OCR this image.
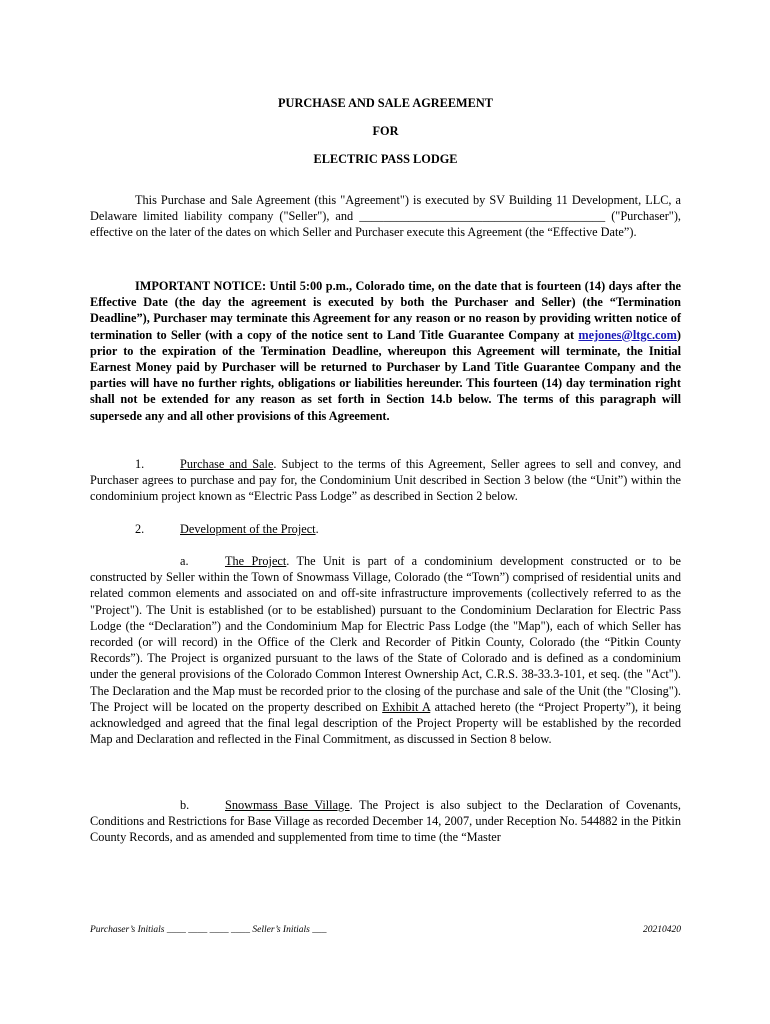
PURCHASE AND SALE AGREEMENT
FOR
ELECTRIC PASS LODGE

This Purchase and Sale Agreement (this "Agreement") is executed by SV Building 11 Development, LLC, a Delaware limited liability company ("Seller"), and ________________________________________ ("Purchaser"), effective on the later of the dates on which Seller and Purchaser execute this Agreement (the “Effective Date”).

IMPORTANT NOTICE: Until 5:00 p.m., Colorado time, on the date that is fourteen (14) days after the Effective Date (the day the agreement is executed by both the Purchaser and Seller) (the “Termination Deadline”), Purchaser may terminate this Agreement for any reason or no reason by providing written notice of termination to Seller (with a copy of the notice sent to Land Title Guarantee Company at mejones@ltgc.com) prior to the expiration of the Termination Deadline, whereupon this Agreement will terminate, the Initial Earnest Money paid by Purchaser will be returned to Purchaser by Land Title Guarantee Company and the parties will have no further rights, obligations or liabilities hereunder. This fourteen (14) day termination right shall not be extended for any reason as set forth in Section 14.b below. The terms of this paragraph will supersede any and all other provisions of this Agreement.

1.	Purchase and Sale. Subject to the terms of this Agreement, Seller agrees to sell and convey, and Purchaser agrees to purchase and pay for, the Condominium Unit described in Section 3 below (the “Unit”) within the condominium project known as “Electric Pass Lodge” as described in Section 2 below.

2.	Development of the Project.

a.	The Project. The Unit is part of a condominium development constructed or to be constructed by Seller within the Town of Snowmass Village, Colorado (the “Town”) comprised of residential units and related common elements and associated on and off-site infrastructure improvements (collectively referred to as the "Project"). The Unit is established (or to be established) pursuant to the Condominium Declaration for Electric Pass Lodge (the “Declaration”) and the Condominium Map for Electric Pass Lodge (the "Map"), each of which Seller has recorded (or will record) in the Office of the Clerk and Recorder of Pitkin County, Colorado (the “Pitkin County Records”). The Project is organized pursuant to the laws of the State of Colorado and is defined as a condominium under the general provisions of the Colorado Common Interest Ownership Act, C.R.S. 38-33.3-101, et seq. (the "Act"). The Declaration and the Map must be recorded prior to the closing of the purchase and sale of the Unit (the "Closing"). The Project will be located on the property described on Exhibit A attached hereto (the “Project Property”), it being acknowledged and agreed that the final legal description of the Project Property will be established by the recorded Map and Declaration and reflected in the Final Commitment, as discussed in Section 8 below.

b.	Snowmass Base Village. The Project is also subject to the Declaration of Covenants, Conditions and Restrictions for Base Village as recorded December 14, 2007, under Reception No. 544882 in the Pitkin County Records, and as amended and supplemented from time to time (the “Master

Purchaser’s Initials ____ ____ ____ ____ Seller’s Initials ___	20210420
